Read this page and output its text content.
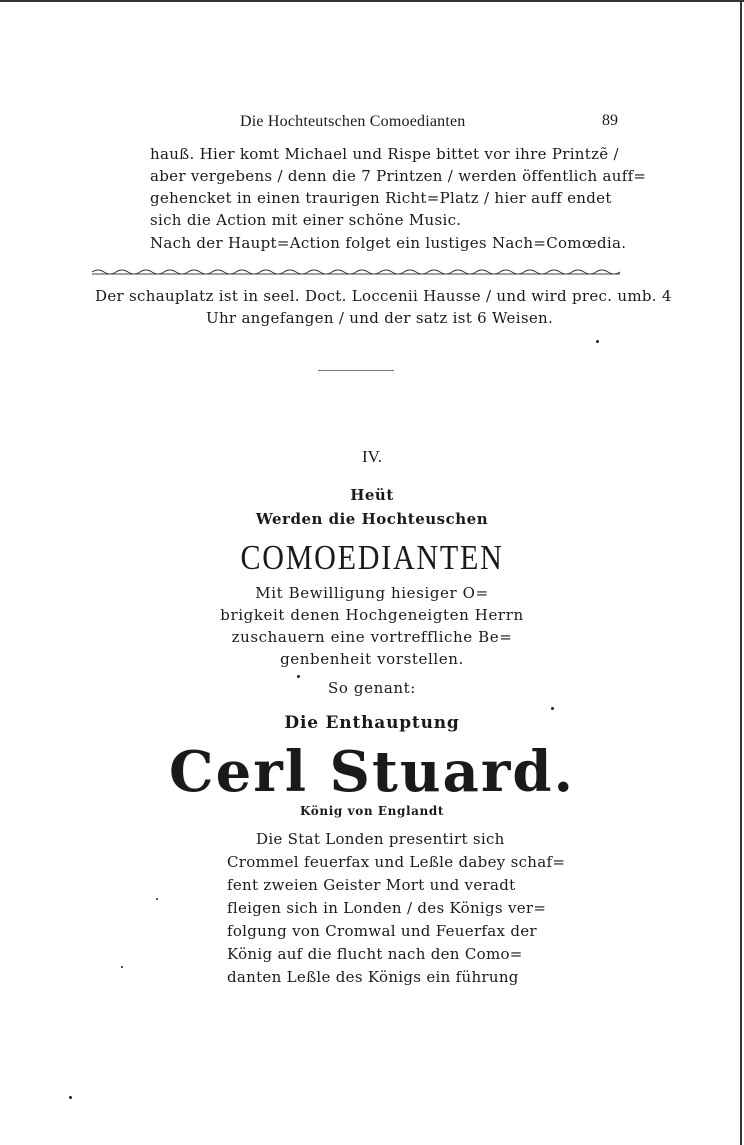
Die Hochteutschen Comoedianten	89
hauß. Hier komt Michael und Rispe bittet vor ihre Printzẽ /
aber vergebens / denn die 7 Printzen / werden öffentlich auff=
gehencket in einen traurigen Richt=Platz / hier auff endet
sich die Action mit einer schöne Music.
Nach der Haupt=Action folget ein lustiges Nach=Comœdia.
Der schauplatz ist in seel. Doct. Loccenii Hausse / und wird prec. umb. 4
Uhr angefangen / und der satz ist 6 Weisen.
IV.
Heüt
Werden die Hochteuschen
COMOEDIANTEN
Mit Bewilligung hiesiger O=
brigkeit denen Hochgeneigten Herrn
zuschauern eine vortreffliche Be=
genbenheit vorstellen.
So genant:
Die Enthauptung
Cerl Stuard.
König von Englandt
Die Stat Londen presentirt sich
Crommel feuerfax und Leßle dabey schaf=
fent zweien Geister Mort und veradt
fleigen sich in Londen / des Königs ver=
folgung von Cromwal und Feuerfax der
König auf die flucht nach den Como=
danten Leßle des Königs ein führung
